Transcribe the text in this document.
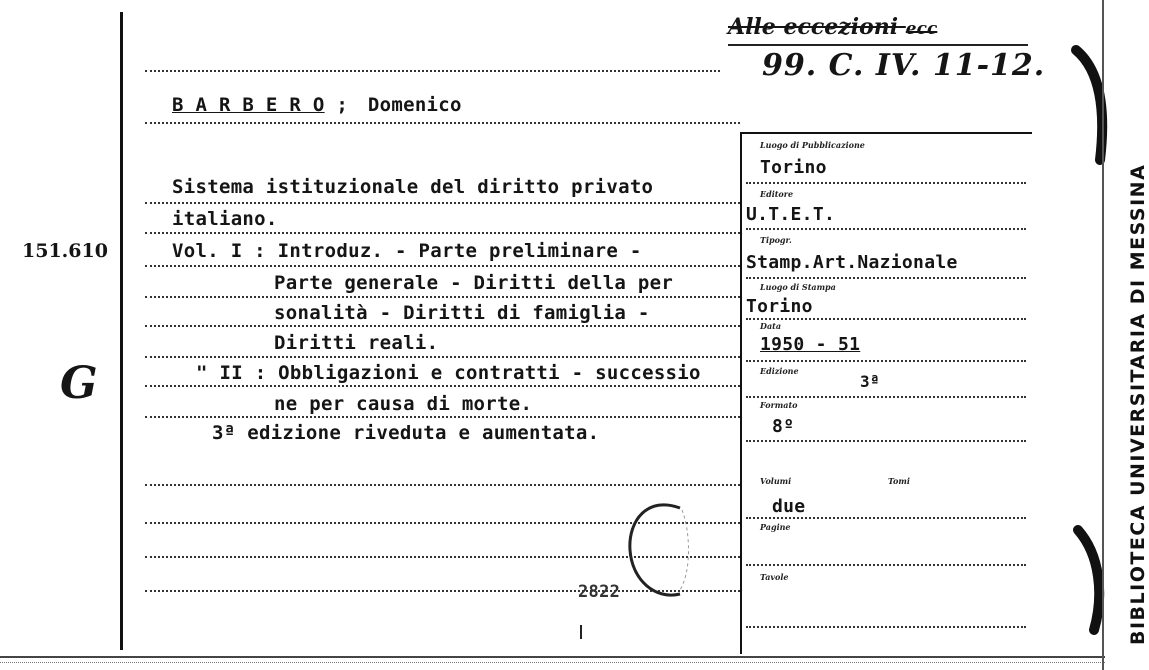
Alle eccezioni ecc
99. C. IV. 11-12.
151.610
G
B A R B E R O ; Domenico
Sistema istituzionale del diritto privato
italiano.
Vol. I : Introduz. - Parte preliminare -
Parte generale - Diritti della per
sonalità - Diritti di famiglia -
Diritti reali.
" II : Obbligazioni e contratti - successio
ne per causa di morte.
3ª edizione riveduta e aumentata.
2822
Luogo di Pubblicazione
Torino
Editore
U.T.E.T.
Tipogr.
Stamp.Art.Nazionale
Luogo di Stampa
Torino
Data
1950 - 51
Edizione
3ª
Formato
8º
Volumi	Tomi
due
Pagine
Tavole	BIBLIOTECA UNIVERSITARIA DI MESSINA
